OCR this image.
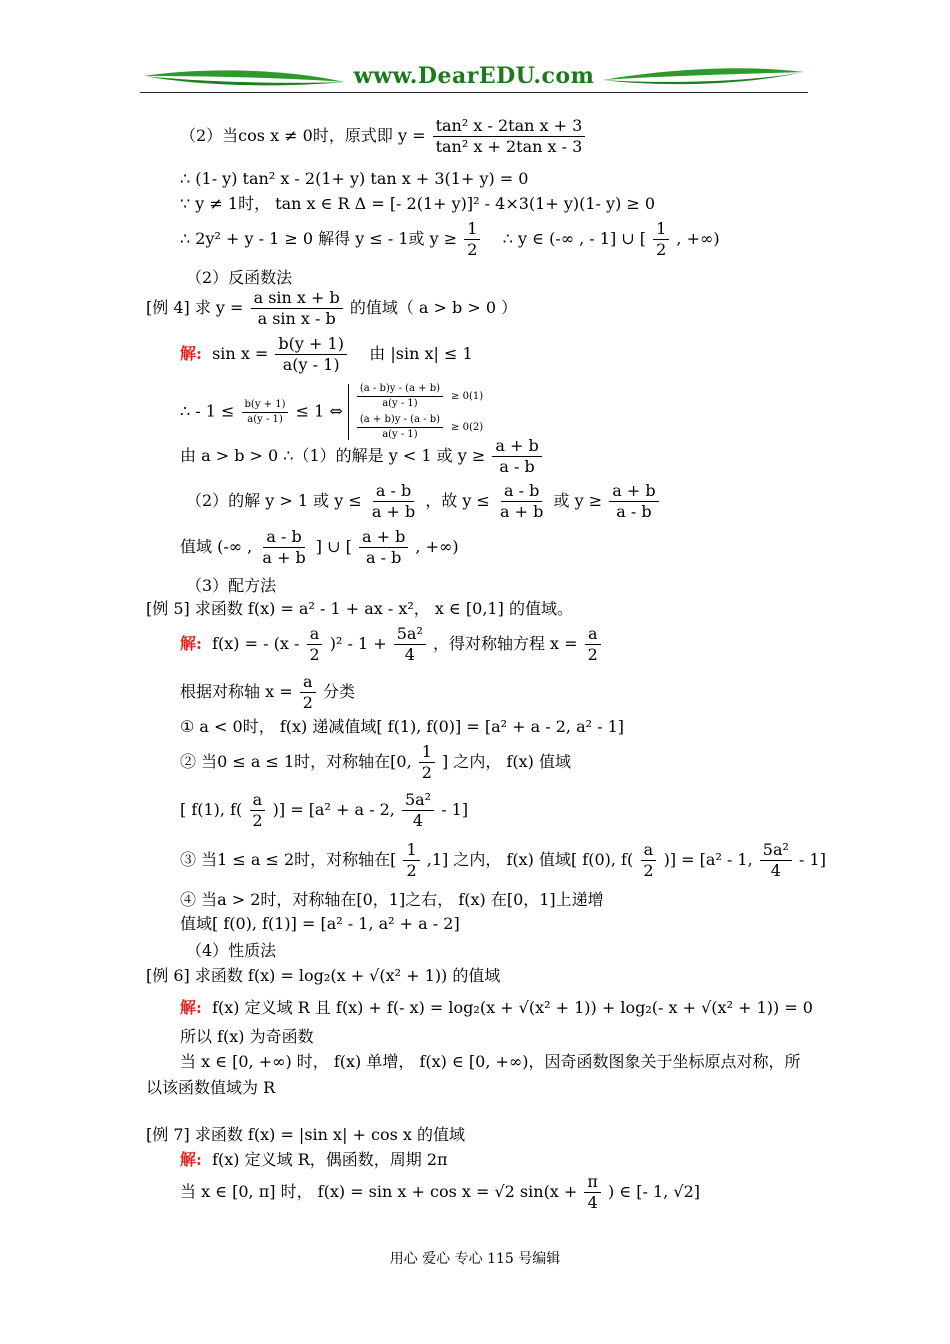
www.DearEDU.com
（2）当cos x ≠ 0时，原式即 $y = \frac{\text{tan² x - 2tan x + 3}}{\text{tan² x + 2tan x - 3}}$
∴ (1- y) tan² x - 2(1+ y) tan x + 3(1+ y) = 0
∵ y ≠ 1时， tan x ∈ R Δ = [- 2(1+ y)]² - 4×3(1+ y)(1- y) ≥ 0
∴ 2y² + y - 1 ≥ 0 解得 y ≤ - 1或 $y \ge \frac{1}{2}$ ∴ y ∈ (-∞ , - 1] ∪ [ $\frac{1}{2}$ , +∞)
（2）反函数法
[例 4] 求 $y = \frac{\text{a sin x + b}}{\text{a sin x - b}}$ 的值域（ a > b > 0 ）
解: $\sin x = \frac{b(y + 1)}{a(y - 1)}$ 由 |sin x| ≤ 1
∴ - $1 \le \frac{b(y + 1)}{a(y - 1)} \le 1$ ⇔
$\frac{(a - b)y - (a + b)}{a(y - 1)} \ge 0(1)$
$\frac{(a + b)y - (a - b)}{a(y - 1)} \ge 0(2)$
由 a > b > 0 ∴（1）的解是 y < 1 或 $y \ge \frac{a + b}{a - b}$
（2）的解 y > 1 或 $y \le \frac{a - b}{a + b}$ ，故 $y \le \frac{a - b}{a + b}$ 或 $y \ge \frac{a + b}{a - b}$
值域 (-∞ , $\frac{a - b}{a + b}$ ] ∪ [ $\frac{a + b}{a - b}$ , +∞)
（3）配方法
[例 5] 求函数 f(x) = a² - 1 + ax - x²， x ∈ [0,1] 的值域。
解: f(x) = - $(x - \frac{a}{2} )^2 - 1 + \frac{\text{5a²}}{4}$ ，得对称轴方程 $x = \frac{a}{2}$
根据对称轴 $x = \frac{a}{2}$ 分类
① a < 0时， f(x) 递减值域[ f(1), f(0)] = [a² + a - 2, a² - 1]
② 当0 ≤ a ≤ 1时，对称轴在[0, $\frac{1}{2}$ ] 之内， f(x) 值域
[ f(1), $f( \frac{a}{2}$ )] = [a² + a - 2, $\frac{\text{5a²}}{4} - 1$]
③ 当1 ≤ a ≤ 2时，对称轴在[ $\frac{1}{2} ,1$] 之内， f(x) 值域[ f(0), $f( \frac{a}{2}$ )] = [a² - 1, $\frac{\text{5a²}}{4} - 1$]
④ 当a > 2时，对称轴在[0，1]之右， f(x) 在[0，1]上递增
值域[ f(0), f(1)] = [a² - 1, a² + a - 2]
（4）性质法
[例 6] 求函数 f(x) = log₂(x + √(x² + 1)) 的值域
解: f(x) 定义域 R 且 f(x) + f(- x) = log₂(x + √(x² + 1)) + log₂(- x + √(x² + 1)) = 0
所以 f(x) 为奇函数
当 x ∈ [0, +∞) 时， f(x) 单增， f(x) ∈ [0, +∞)，因奇函数图象关于坐标原点对称，所
以该函数值域为 R
[例 7] 求函数 f(x) = |sin x| + cos x 的值域
解: f(x) 定义域 R，偶函数，周期 2π
当 x ∈ [0, π] 时， f(x) = sin x + cos x = √2 $\sin(x + \frac{\pi}{4}$ ) ∈ [- 1, √2]
用心 爱心 专心 115 号编辑
